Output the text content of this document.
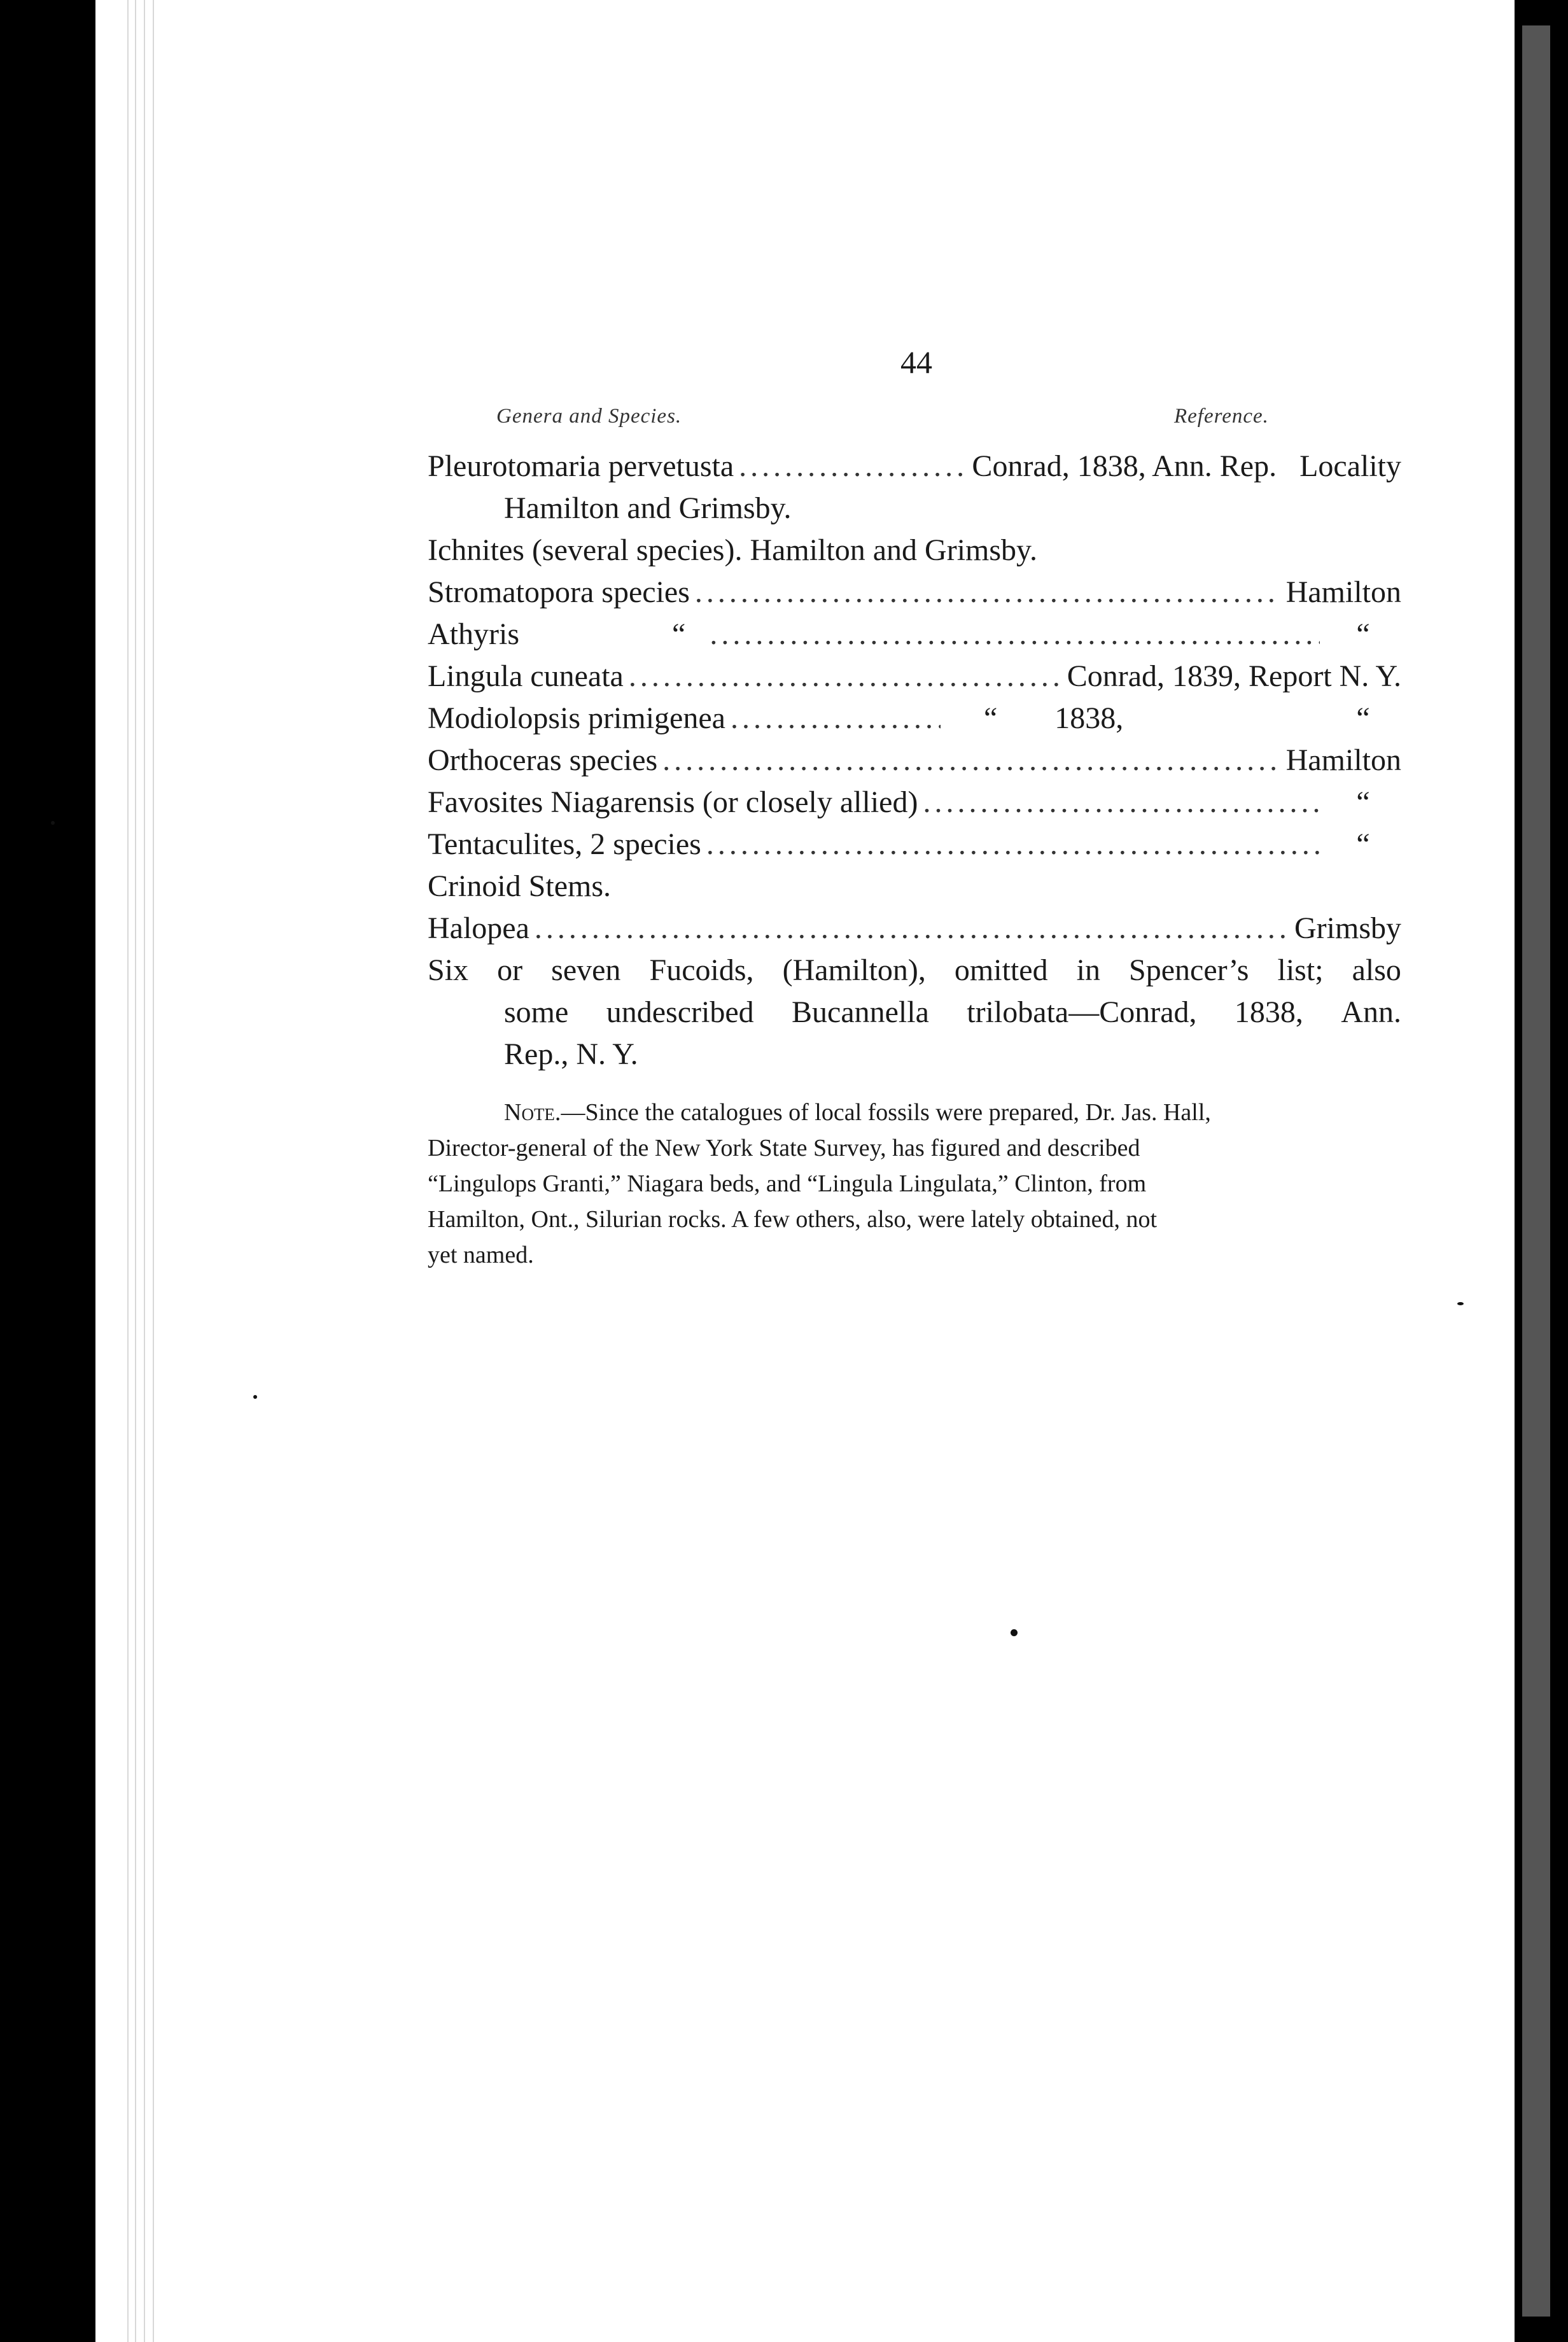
44
Genera and Species.	Reference.
Pleurotomaria pervetusta .....	Conrad, 1838, Ann. Rep.   Locality
Hamilton and Grimsby.
Ichnites (several species). Hamilton and Grimsby.
Stromatopora species .....	Hamilton
Athyris	“ .....	“
Lingula cuneata .....	Conrad, 1839, Report N. Y.
Modiolopsis primigenea .....	“ 1838,	“
Orthoceras species .....	Hamilton
Favosites Niagarensis (or closely allied) .....	“
Tentaculites, 2 species .....	“
Crinoid Stems.
Halopea .....	Grimsby
Six or seven Fucoids, (Hamilton), omitted in Spencer’s list; also
some undescribed Bucannella trilobata—Conrad, 1838, Ann.
Rep., N. Y.

Note.—Since the catalogues of local fossils were prepared, Dr. Jas. Hall,

Director-general of the New York State Survey, has figured and described

“Lingulops Granti,” Niagara beds, and “Lingula Lingulata,” Clinton, from

Hamilton, Ont., Silurian rocks. A few others, also, were lately obtained, not

yet named.
